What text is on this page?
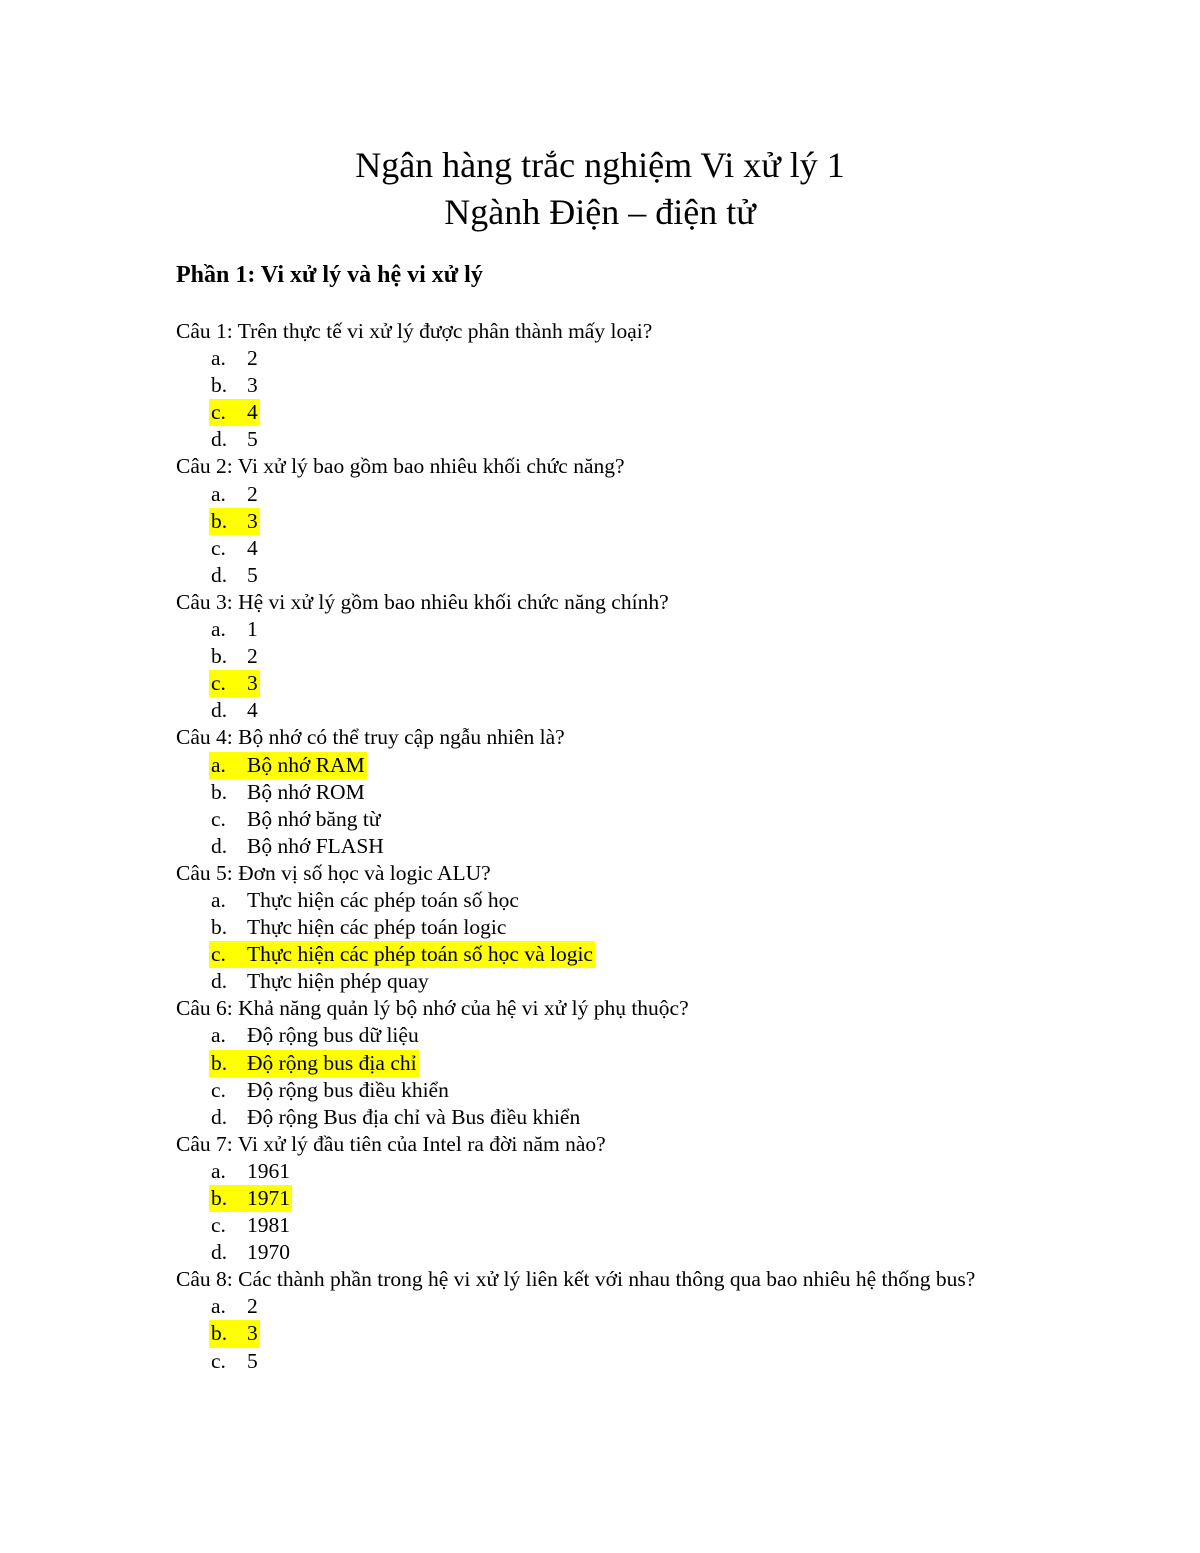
Ngân hàng trắc nghiệm Vi xử lý 1
Ngành Điện – điện tử
Phần 1: Vi xử lý và hệ vi xử lý

Câu 1: Trên thực tế vi xử lý được phân thành mấy loại?

a. 2
b. 3
c. 4
d. 5

Câu 2: Vi xử lý bao gồm bao nhiêu khối chức năng?

a. 2
b. 3
c. 4
d. 5

Câu 3: Hệ vi xử lý gồm bao nhiêu khối chức năng chính?

a. 1
b. 2
c. 3
d. 4

Câu 4: Bộ nhớ có thể truy cập ngẫu nhiên là?

a. Bộ nhớ RAM
b. Bộ nhớ ROM
c. Bộ nhớ băng từ
d. Bộ nhớ FLASH

Câu 5: Đơn vị số học và logic ALU?

a. Thực hiện các phép toán số học
b. Thực hiện các phép toán logic
c. Thực hiện các phép toán số học và logic
d. Thực hiện phép quay

Câu 6: Khả năng quản lý bộ nhớ của hệ vi xử lý phụ thuộc?

a. Độ rộng bus dữ liệu
b. Độ rộng bus địa chỉ
c. Độ rộng bus điều khiển
d. Độ rộng Bus địa chỉ và Bus điều khiển

Câu 7: Vi xử lý đầu tiên của Intel ra đời năm nào?

a. 1961
b. 1971
c. 1981
d. 1970

Câu 8: Các thành phần trong hệ vi xử lý liên kết với nhau thông qua bao nhiêu hệ thống bus?

a. 2
b. 3
c. 5
